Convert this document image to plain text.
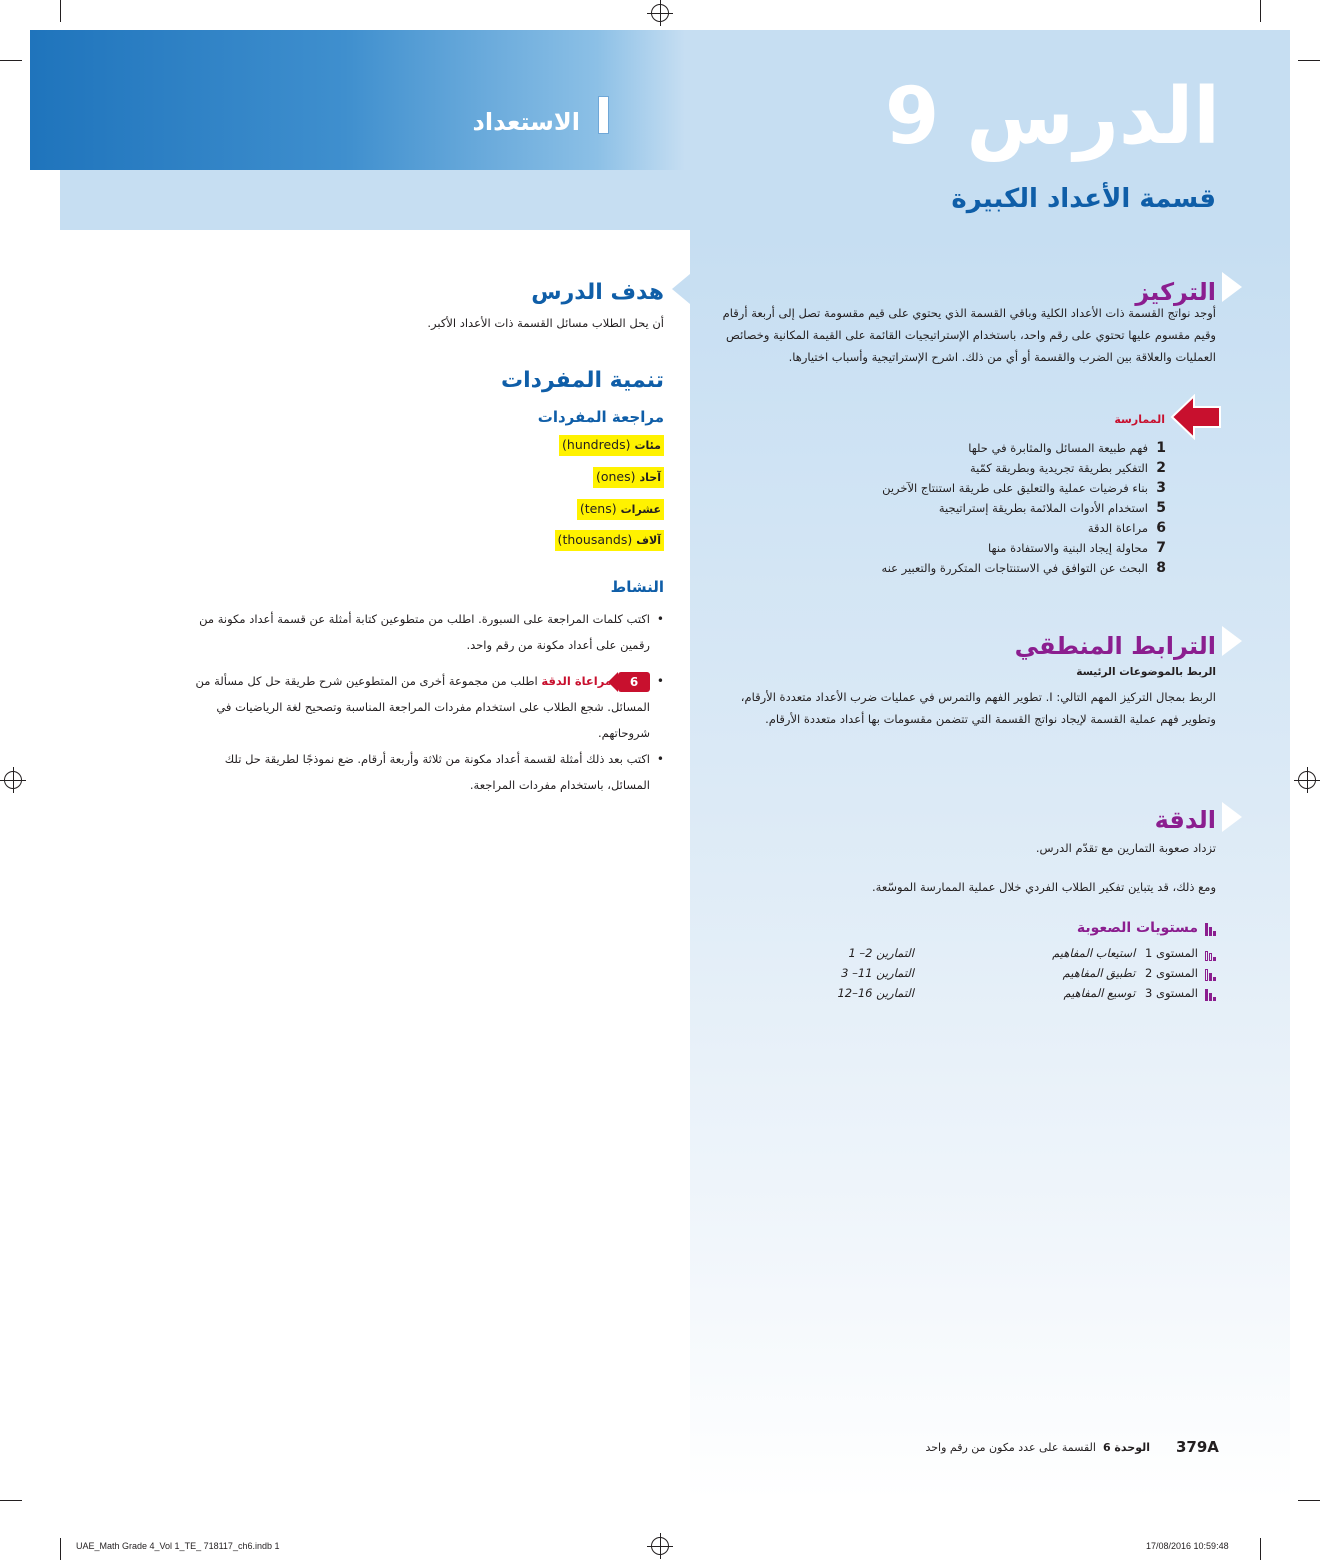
الدرس 9
قسمة الأعداد الكبيرة
الاستعداد
التركيز
أوجد نواتج القسمة ذات الأعداد الكلية وباقي القسمة الذي يحتوي على قيم مقسومة تصل إلى أربعة أرقام وقيم مقسوم عليها تحتوي على رقم واحد، باستخدام الإستراتيجيات القائمة على القيمة المكانية وخصائص العمليات والعلاقة بين الضرب والقسمة أو أي من ذلك. اشرح الإستراتيجية وأسباب اختيارها.
الممارسة
1فهم طبيعة المسائل والمثابرة في حلها
2التفكير بطريقة تجريدية وبطريقة كمّية
3بناء فرضيات عملية والتعليق على طريقة استنتاج الآخرين
5استخدام الأدوات الملائمة بطريقة إستراتيجية
6مراعاة الدقة
7محاولة إيجاد البنية والاستفادة منها
8البحث عن التوافق في الاستنتاجات المتكررة والتعبير عنه
الترابط المنطقي
الربط بالموضوعات الرئيسة
الربط بمجال التركيز المهم التالي: I. تطوير الفهم والتمرس في عمليات ضرب الأعداد متعددة الأرقام،
وتطوير فهم عملية القسمة لإيجاد نواتج القسمة التي تتضمن مقسومات بها أعداد متعددة الأرقام.
الدقة
تزداد صعوبة التمارين مع تقدّم الدرس.
ومع ذلك، قد يتباين تفكير الطلاب الفردي خلال عملية الممارسة الموسّعة.
مستويات الصعوبة
المستوى 1 استيعاب المفاهيم
التمارين 2– 1
المستوى 2 تطبيق المفاهيم
التمارين 11– 3
المستوى 3 توسيع المفاهيم
التمارين 16–12
هدف الدرس
أن يحل الطلاب مسائل القسمة ذات الأعداد الأكبر.
تنمية المفردات
مراجعة المفردات
مئات (hundreds)
آحاد (ones)
عشرات (tens)
آلاف (thousands)
النشاط
•
اكتب كلمات المراجعة على السبورة. اطلب من متطوعين كتابة أمثلة عن قسمة أعداد مكونة من رقمين على أعداد مكونة من رقم واحد.
•
6مراعاة الدقة اطلب من مجموعة أخرى من المتطوعين شرح طريقة حل كل مسألة من المسائل. شجع الطلاب على استخدام مفردات المراجعة المناسبة وتصحيح لغة الرياضيات في شروحاتهم.
•
اكتب بعد ذلك أمثلة لقسمة أعداد مكونة من ثلاثة وأربعة أرقام. ضع نموذجًا لطريقة حل تلك المسائل، باستخدام مفردات المراجعة.
379A
الوحدة 6  القسمة على عدد مكون من رقم واحد
UAE_Math Grade 4_Vol 1_TE_ 718117_ch6.indb 1	17/08/2016 10:59:48
